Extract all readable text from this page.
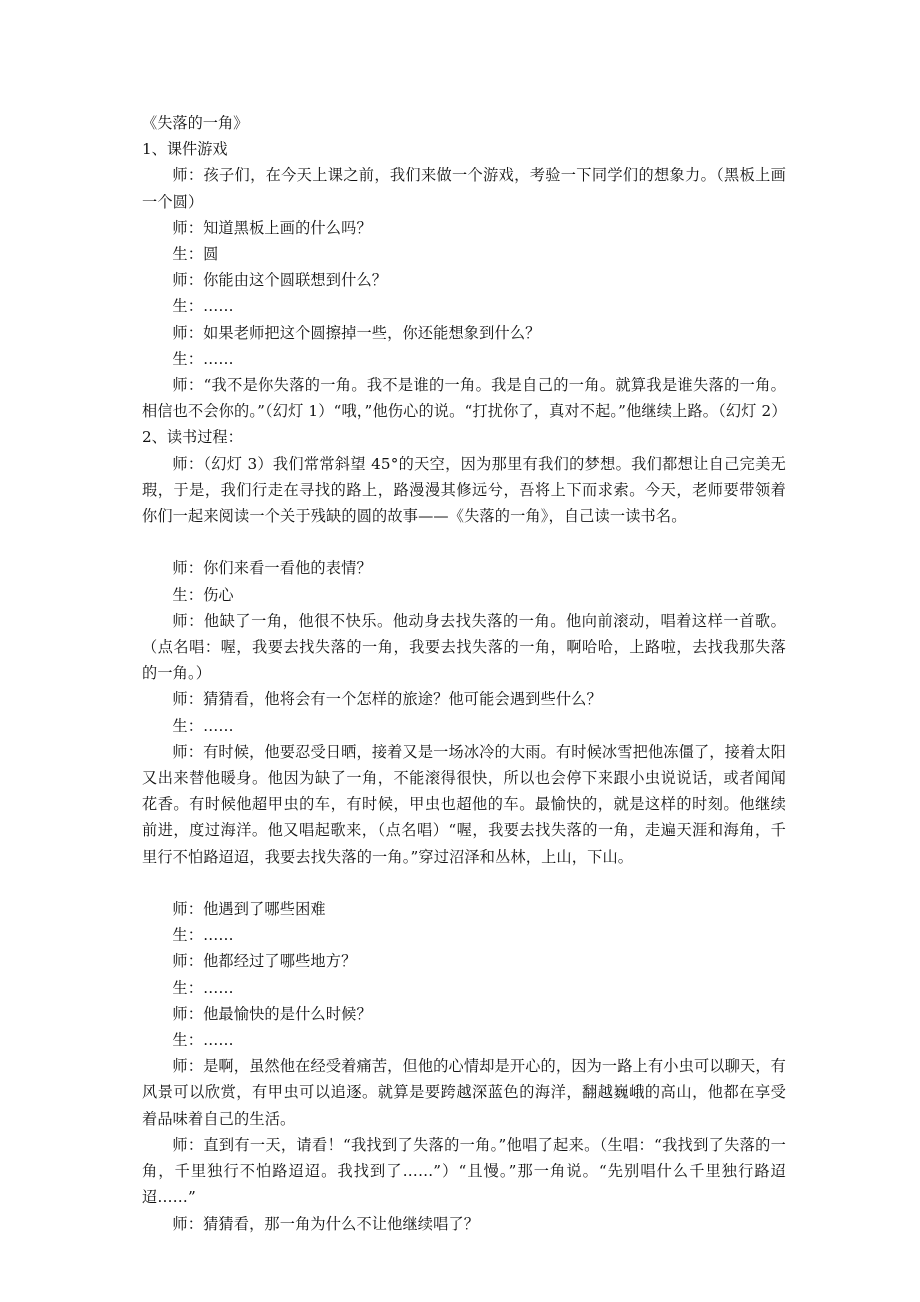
《失落的一角》

1、课件游戏

师：孩子们，在今天上课之前，我们来做一个游戏，考验一下同学们的想象力。（黑板上画一个圆）

师：知道黑板上画的什么吗？

生：圆

师：你能由这个圆联想到什么？

生：……

师：如果老师把这个圆擦掉一些，你还能想象到什么？

生：……

师：“我不是你失落的一角。我不是谁的一角。我是自己的一角。就算我是谁失落的一角。相信也不会你的。”（幻灯 1）“哦，”他伤心的说。“打扰你了，真对不起。”他继续上路。（幻灯 2）

2、读书过程：

师：（幻灯 3）我们常常斜望 45°的天空，因为那里有我们的梦想。我们都想让自己完美无瑕，于是，我们行走在寻找的路上，路漫漫其修远兮，吾将上下而求索。今天，老师要带领着你们一起来阅读一个关于残缺的圆的故事——《失落的一角》，自己读一读书名。

师：你们来看一看他的表情？

生：伤心

师：他缺了一角，他很不快乐。他动身去找失落的一角。他向前滚动，唱着这样一首歌。（点名唱：喔，我要去找失落的一角，我要去找失落的一角，啊哈哈，上路啦，去找我那失落的一角。）

师：猜猜看，他将会有一个怎样的旅途？他可能会遇到些什么？

生：……

师：有时候，他要忍受日晒，接着又是一场冰冷的大雨。有时候冰雪把他冻僵了，接着太阳又出来替他暖身。他因为缺了一角，不能滚得很快，所以也会停下来跟小虫说说话，或者闻闻花香。有时候他超甲虫的车，有时候，甲虫也超他的车。最愉快的，就是这样的时刻。他继续前进，度过海洋。他又唱起歌来，（点名唱）“喔，我要去找失落的一角，走遍天涯和海角，千里行不怕路迢迢，我要去找失落的一角。”穿过沼泽和丛林，上山，下山。

师：他遇到了哪些困难

生：……

师：他都经过了哪些地方？

生：……

师：他最愉快的是什么时候？

生：……

师：是啊，虽然他在经受着痛苦，但他的心情却是开心的，因为一路上有小虫可以聊天，有风景可以欣赏，有甲虫可以追逐。就算是要跨越深蓝色的海洋，翻越巍峨的高山，他都在享受着品味着自己的生活。

师：直到有一天，请看！“我找到了失落的一角。”他唱了起来。（生唱：“我找到了失落的一角，千里独行不怕路迢迢。我找到了……”）“且慢。”那一角说。“先别唱什么千里独行路迢迢……”

师：猜猜看，那一角为什么不让他继续唱了？
